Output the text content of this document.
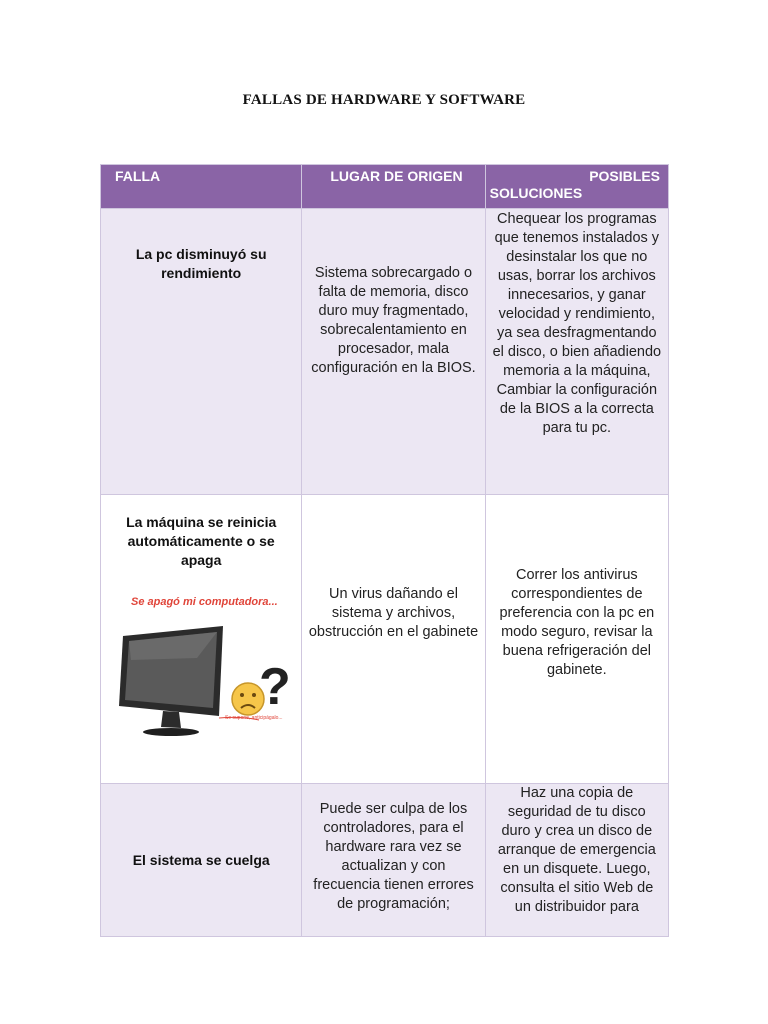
FALLAS DE HARDWARE Y SOFTWARE
FALLA	LUGAR DE ORIGEN	POSIBLES
SOLUCIONES

La pc disminuyó su rendimiento	Sistema sobrecargado o falta de memoria, disco duro muy fragmentado, sobrecalentamiento en procesador, mala configuración en la BIOS.	Chequear los programas que tenemos instalados y desinstalar los que no usas, borrar los archivos innecesarios, y ganar velocidad y rendimiento, ya sea desfragmentando el disco, o bien añadiendo memoria a la máquina, Cambiar la configuración de la BIOS a la correcta para tu pc.

La máquina se reinicia automáticamente o se apaga
Se apagó mi computadora...
?
Se supone, anticipágalo...	Un virus dañando el sistema y archivos, obstrucción en el gabinete	Correr los antivirus correspondientes de preferencia con la pc en modo seguro, revisar la buena refrigeración del gabinete.

El sistema se cuelga	Puede ser culpa de los controladores, para el hardware rara vez se actualizan y con frecuencia tienen errores de programación;	Haz una copia de seguridad de tu disco duro y crea un disco de arranque de emergencia en un disquete. Luego, consulta el sitio Web de un distribuidor para
